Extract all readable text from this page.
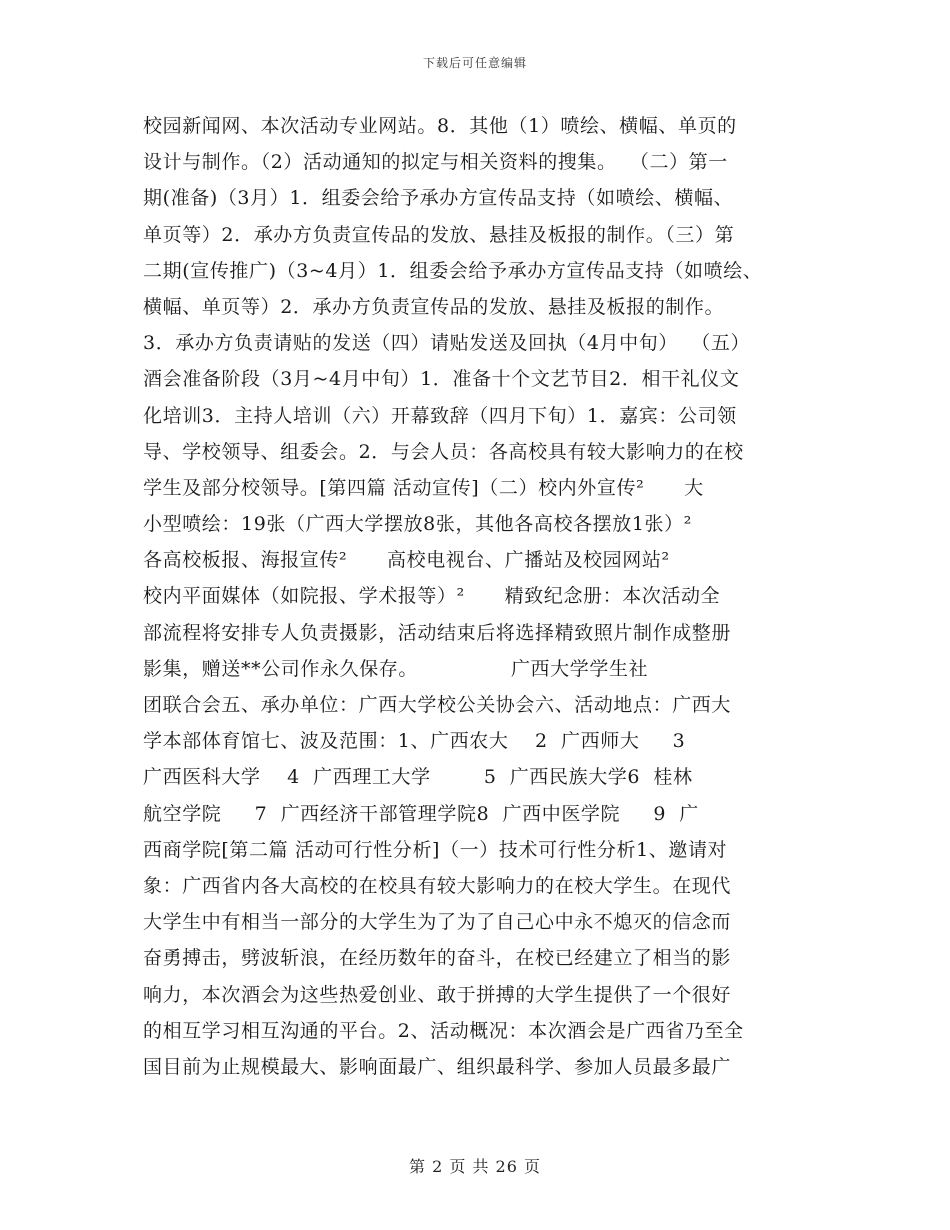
下载后可任意编辑
校园新闻网、本次活动专业网站。8．其他（1）喷绘、横幅、单页的
设计与制作。（2）活动通知的拟定与相关资料的搜集。  （二）第一
期(准备)（3月）1．组委会给予承办方宣传品支持（如喷绘、横幅、
单页等）2．承办方负责宣传品的发放、悬挂及板报的制作。（三）第
二期(宣传推广)（3~4月）1．组委会给予承办方宣传品支持（如喷绘、
横幅、单页等）2．承办方负责宣传品的发放、悬挂及板报的制作。
3．承办方负责请贴的发送（四）请贴发送及回执（4月中旬）  （五）
酒会准备阶段（3月~4月中旬）1．准备十个文艺节目2．相干礼仪文
化培训3．主持人培训（六）开幕致辞（四月下旬）1．嘉宾：公司领
导、学校领导、组委会。2．与会人员：各高校具有较大影响力的在校
学生及部分校领导。[第四篇 活动宣传]（二）校内外宣传²      大
小型喷绘：19张（广西大学摆放8张，其他各高校各摆放1张）²
各高校板报、海报宣传²      高校电视台、广播站及校园网站²
校内平面媒体（如院报、学术报等）²      精致纪念册：本次活动全
部流程将安排专人负责摄影，活动结束后将选择精致照片制作成整册
影集，赠送**公司作永久保存。              广西大学学生社
团联合会五、承办单位：广西大学校公关协会六、活动地点：广西大
学本部体育馆七、波及范围：1、广西农大    2  广西师大     3
广西医科大学    4  广西理工大学        5  广西民族大学6  桂林
航空学院     7  广西经济干部管理学院8  广西中医学院     9  广
西商学院[第二篇 活动可行性分析]（一）技术可行性分析1、邀请对
象：广西省内各大高校的在校具有较大影响力的在校大学生。在现代
大学生中有相当一部分的大学生为了为了自己心中永不熄灭的信念而
奋勇搏击，劈波斩浪，在经历数年的奋斗，在校已经建立了相当的影
响力，本次酒会为这些热爱创业、敢于拼搏的大学生提供了一个很好
的相互学习相互沟通的平台。2、活动概况：本次酒会是广西省乃至全
国目前为止规模最大、影响面最广、组织最科学、参加人员最多最广
第 2 页 共 26 页
